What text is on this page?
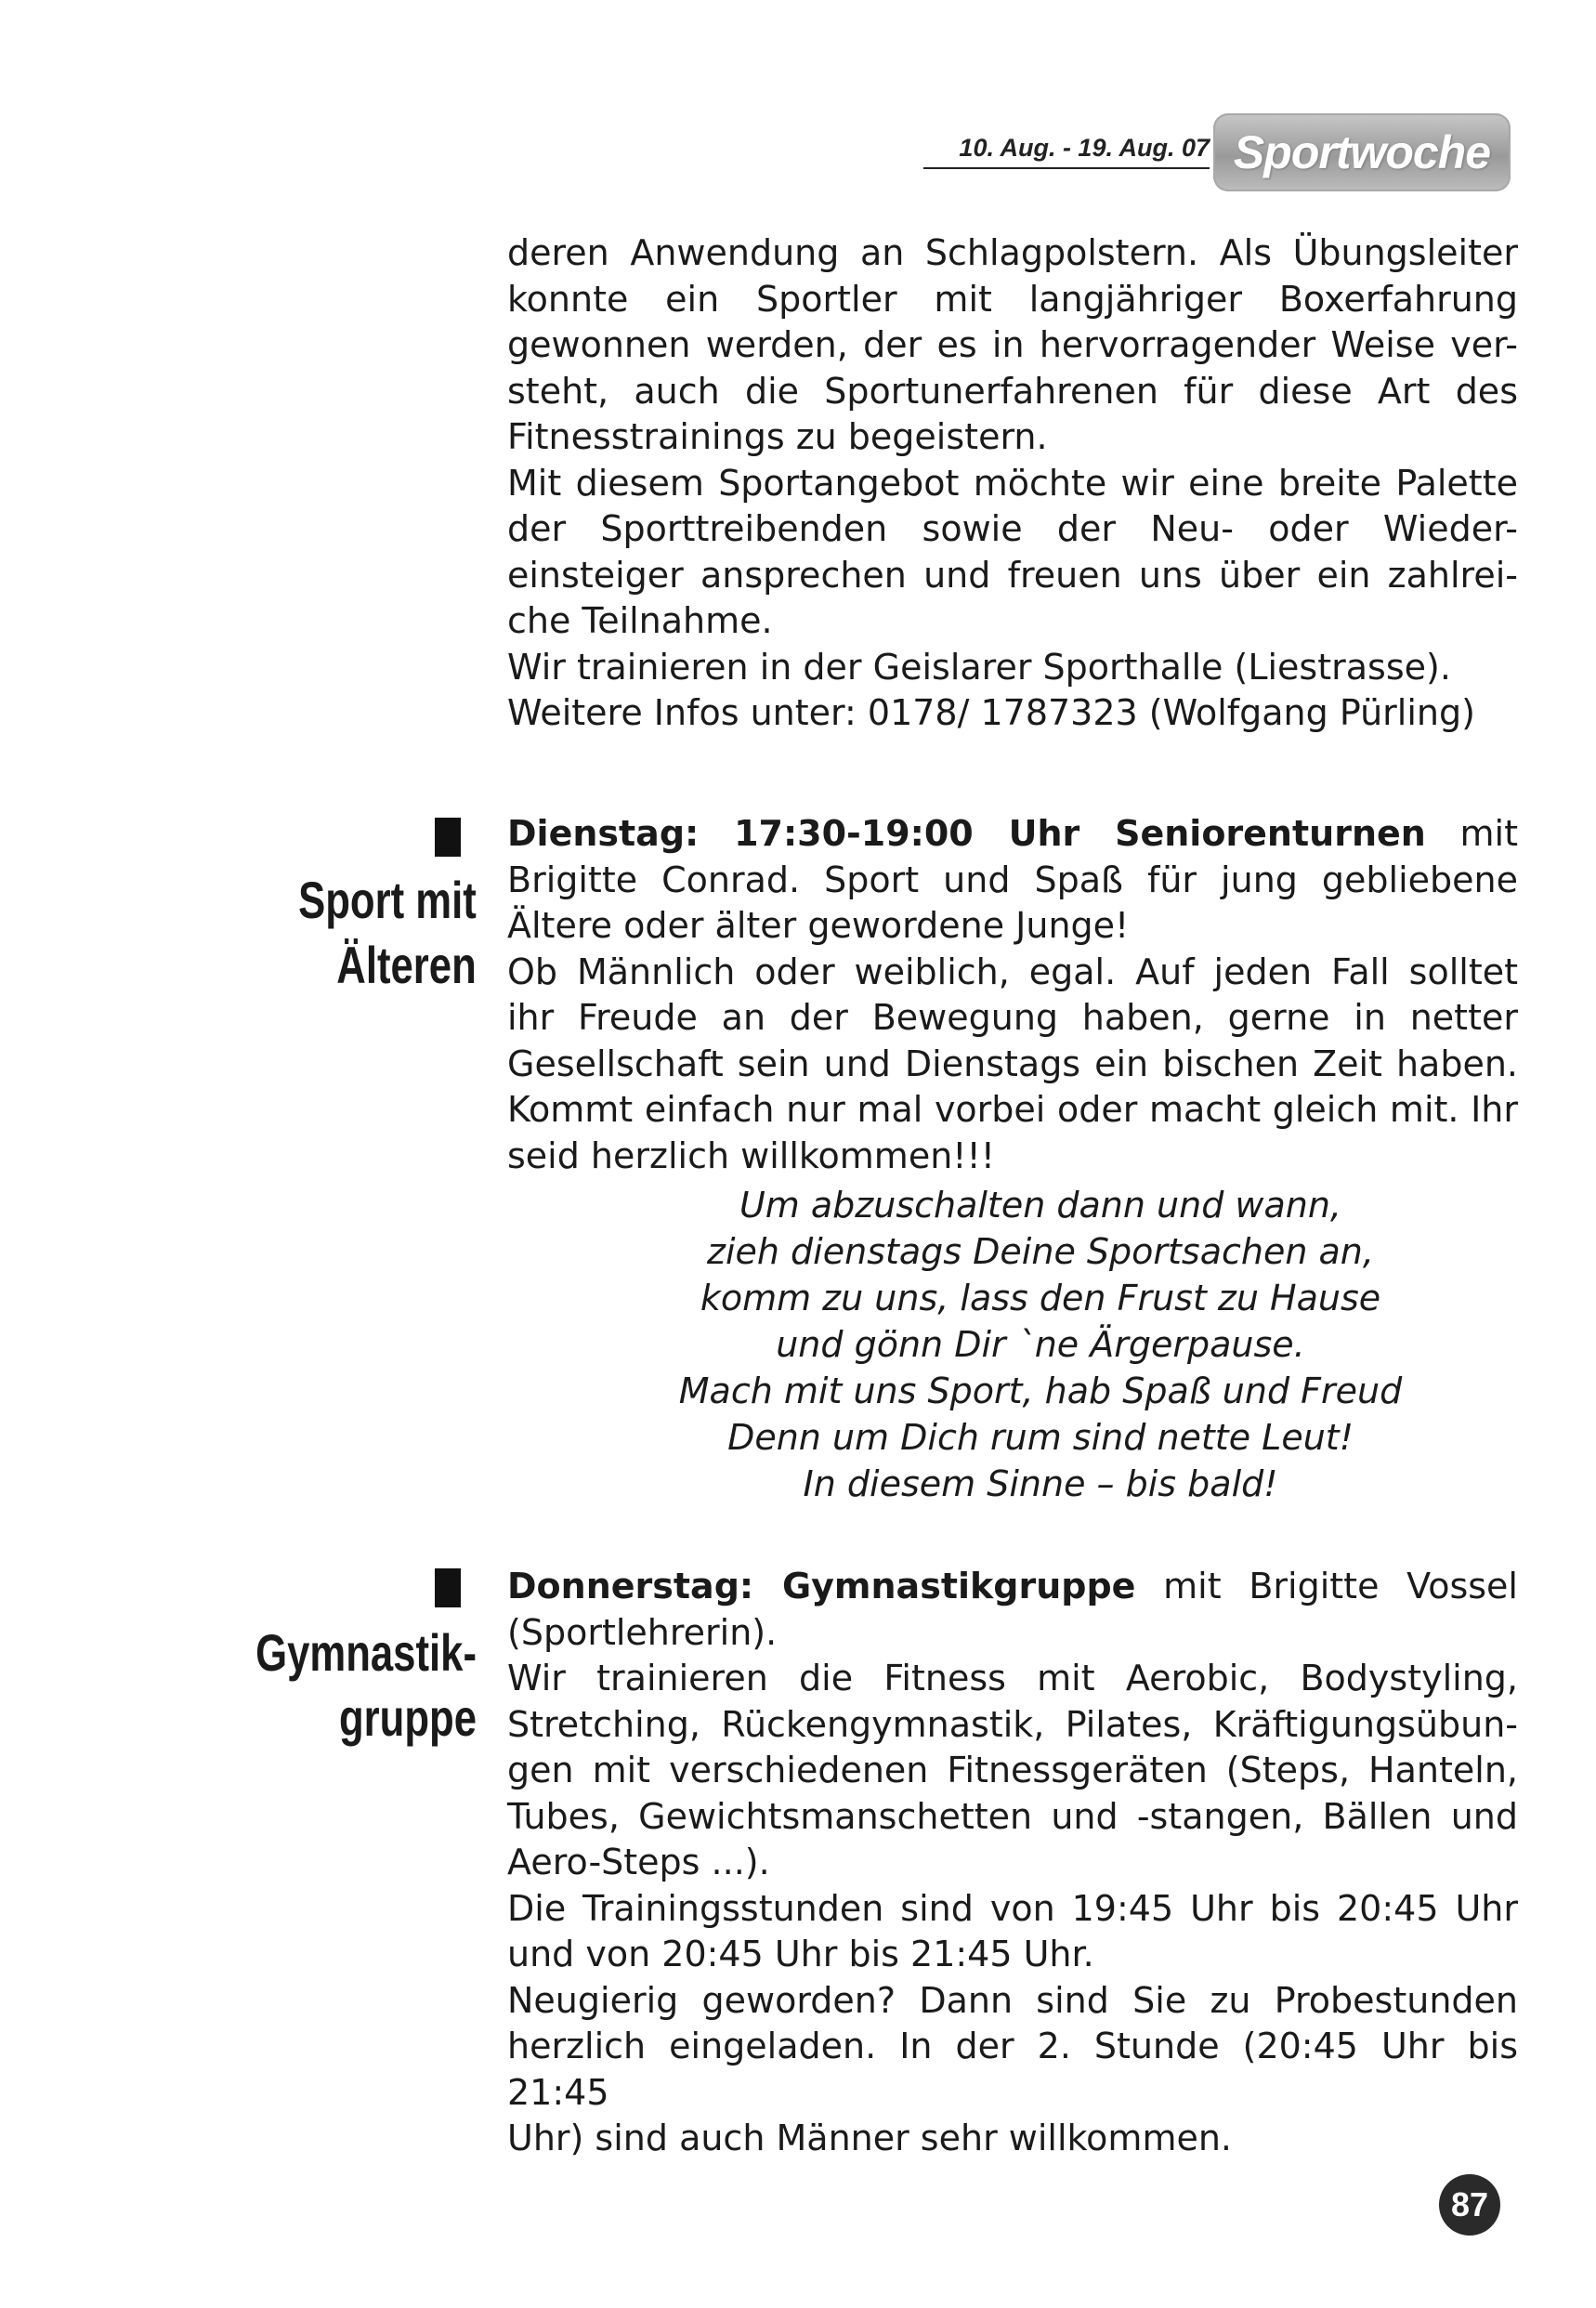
10. Aug. - 19. Aug. 07 Sportwoche

deren Anwendung an Schlagpolstern. Als Übungsleiter
konnte ein Sportler mit langjähriger Boxerfahrung
gewonnen werden, der es in hervorragender Weise ver-
steht, auch die Sportunerfahrenen für diese Art des
Fitnesstrainings zu begeistern.
Mit diesem Sportangebot möchte wir eine breite Palette
der Sporttreibenden sowie der Neu- oder Wieder-
einsteiger ansprechen und freuen uns über ein zahlrei-
che Teilnahme.
Wir trainieren in der Geislarer Sporthalle (Liestrasse).
Weitere Infos unter: 0178/ 1787323 (Wolfgang Pürling)

Sport mit
Älteren

Dienstag: 17:30-19:00 Uhr Seniorenturnen mit
Brigitte Conrad. Sport und Spaß für jung gebliebene
Ältere oder älter gewordene Junge!
Ob Männlich oder weiblich, egal. Auf jeden Fall solltet
ihr Freude an der Bewegung haben, gerne in netter
Gesellschaft sein und Dienstags ein bischen Zeit haben.
Kommt einfach nur mal vorbei oder macht gleich mit. Ihr
seid herzlich willkommen!!!

Um abzuschalten dann und wann,
zieh dienstags Deine Sportsachen an,
komm zu uns, lass den Frust zu Hause
und gönn Dir `ne Ärgerpause.
Mach mit uns Sport, hab Spaß und Freud
Denn um Dich rum sind nette Leut!
In diesem Sinne – bis bald!
Gymnastik-
gruppe

Donnerstag: Gymnastikgruppe mit Brigitte Vossel
(Sportlehrerin).
Wir trainieren die Fitness mit Aerobic, Bodystyling,
Stretching, Rückengymnastik, Pilates, Kräftigungsübun-
gen mit verschiedenen Fitnessgeräten (Steps, Hanteln,
Tubes, Gewichtsmanschetten und -stangen, Bällen und
Aero-Steps ...).
Die Trainingsstunden sind von 19:45 Uhr bis 20:45 Uhr
und von 20:45 Uhr bis 21:45 Uhr.
Neugierig geworden? Dann sind Sie zu Probestunden
herzlich eingeladen. In der 2. Stunde (20:45 Uhr bis 21:45
Uhr) sind auch Männer sehr willkommen.

87
